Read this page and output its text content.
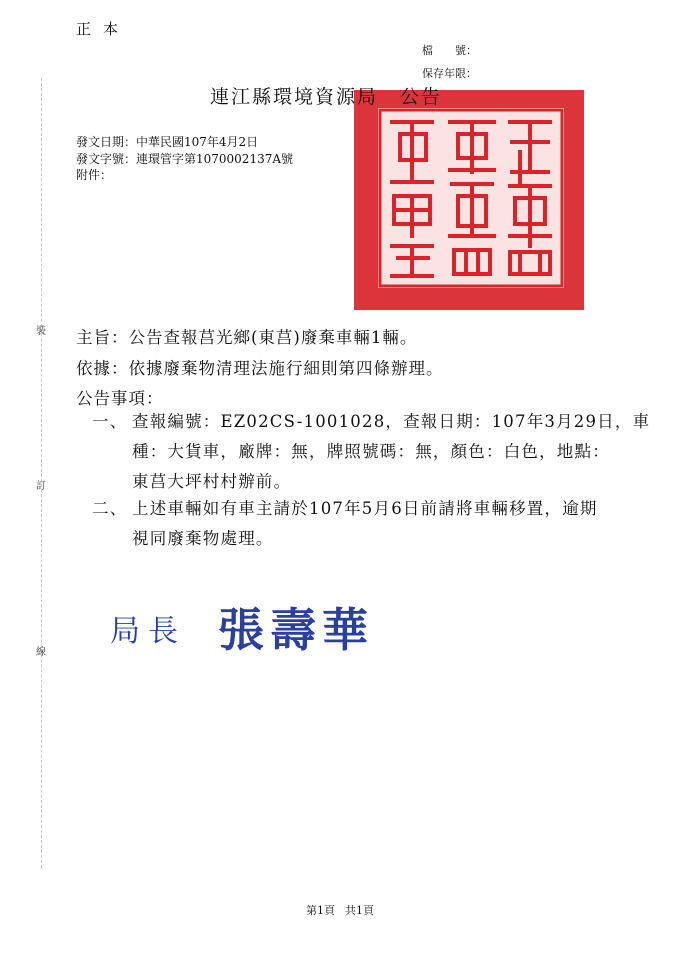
正本
檔　　號：
保存年限：
連江縣環境資源局 公告
發文日期：中華民國107年4月2日
發文字號：連環管字第1070002137A號
附件：
裝
訂
線
主旨：公告查報莒光鄉(東莒)廢棄車輛1輛。
依據：依據廢棄物清理法施行細則第四條辦理。
公告事項：
一、 查報編號：EZ02CS-1001028，查報日期：107年3月29日，車
種：大貨車，廠牌：無，牌照號碼：無，顏色：白色，地點：
東莒大坪村村辦前。
二、 上述車輛如有車主請於107年5月6日前請將車輛移置，逾期
視同廢棄物處理。
局長 張壽華
第1頁 共1頁
